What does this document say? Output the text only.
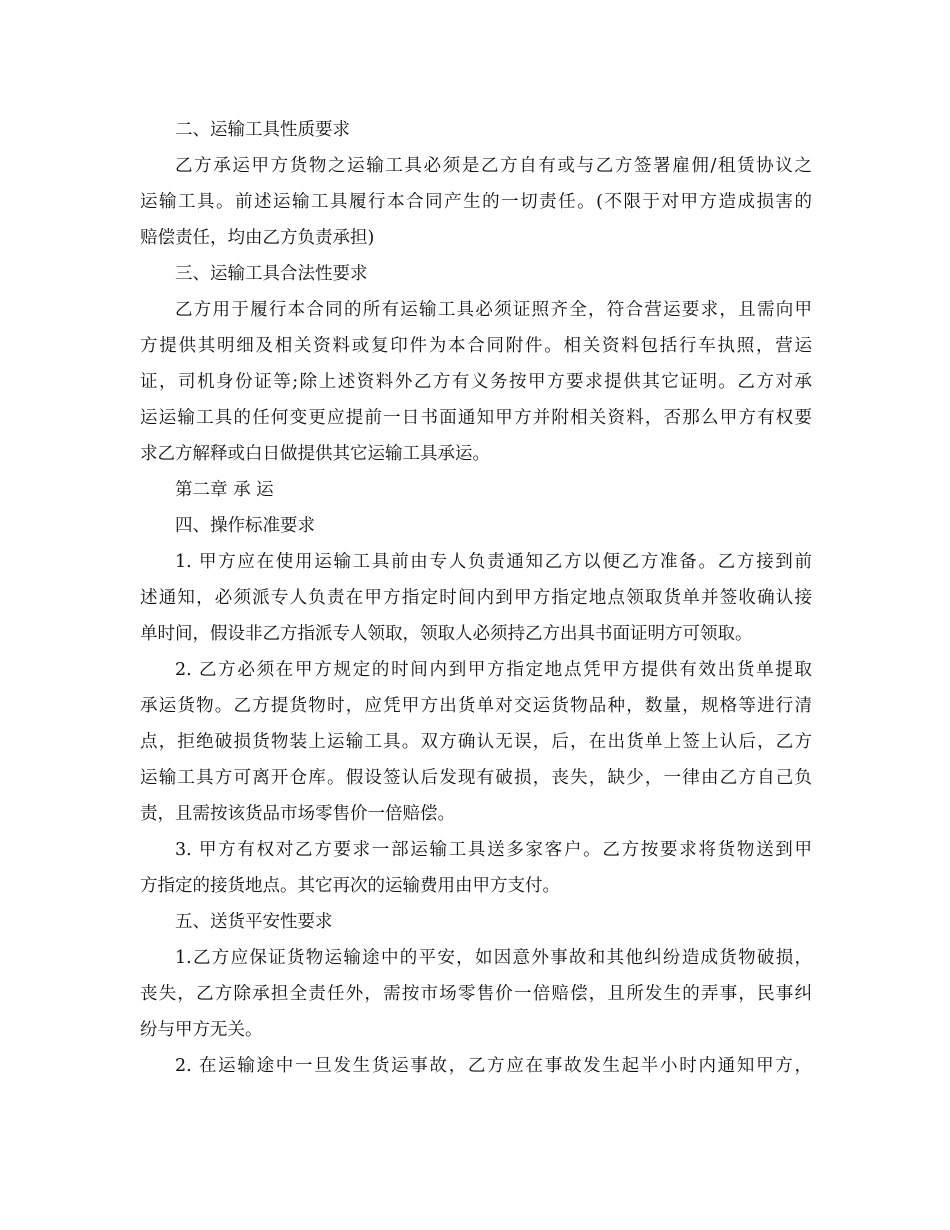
二、运输工具性质要求
乙方承运甲方货物之运输工具必须是乙方自有或与乙方签署雇佣/租赁协议之
运输工具。前述运输工具履行本合同产生的一切责任。(不限于对甲方造成损害的
赔偿责任，均由乙方负责承担)
三、运输工具合法性要求
乙方用于履行本合同的所有运输工具必须证照齐全，符合营运要求，且需向甲
方提供其明细及相关资料或复印件为本合同附件。相关资料包括行车执照，营运
证，司机身份证等;除上述资料外乙方有义务按甲方要求提供其它证明。乙方对承
运运输工具的任何变更应提前一日书面通知甲方并附相关资料，否那么甲方有权要
求乙方解释或白日做提供其它运输工具承运。
第二章 承 运
四、操作标准要求
1. 甲方应在使用运输工具前由专人负责通知乙方以便乙方准备。乙方接到前
述通知，必须派专人负责在甲方指定时间内到甲方指定地点领取货单并签收确认接
单时间，假设非乙方指派专人领取，领取人必须持乙方出具书面证明方可领取。
2. 乙方必须在甲方规定的时间内到甲方指定地点凭甲方提供有效出货单提取
承运货物。乙方提货物时，应凭甲方出货单对交运货物品种，数量，规格等进行清
点，拒绝破损货物装上运输工具。双方确认无误，后，在出货单上签上认后，乙方
运输工具方可离开仓库。假设签认后发现有破损，丧失，缺少，一律由乙方自己负
责，且需按该货品市场零售价一倍赔偿。
3. 甲方有权对乙方要求一部运输工具送多家客户。乙方按要求将货物送到甲
方指定的接货地点。其它再次的运输费用由甲方支付。
五、送货平安性要求
1.乙方应保证货物运输途中的平安，如因意外事故和其他纠纷造成货物破损，
丧失，乙方除承担全责任外，需按市场零售价一倍赔偿，且所发生的弄事，民事纠
纷与甲方无关。
2. 在运输途中一旦发生货运事故，乙方应在事故发生起半小时内通知甲方，
